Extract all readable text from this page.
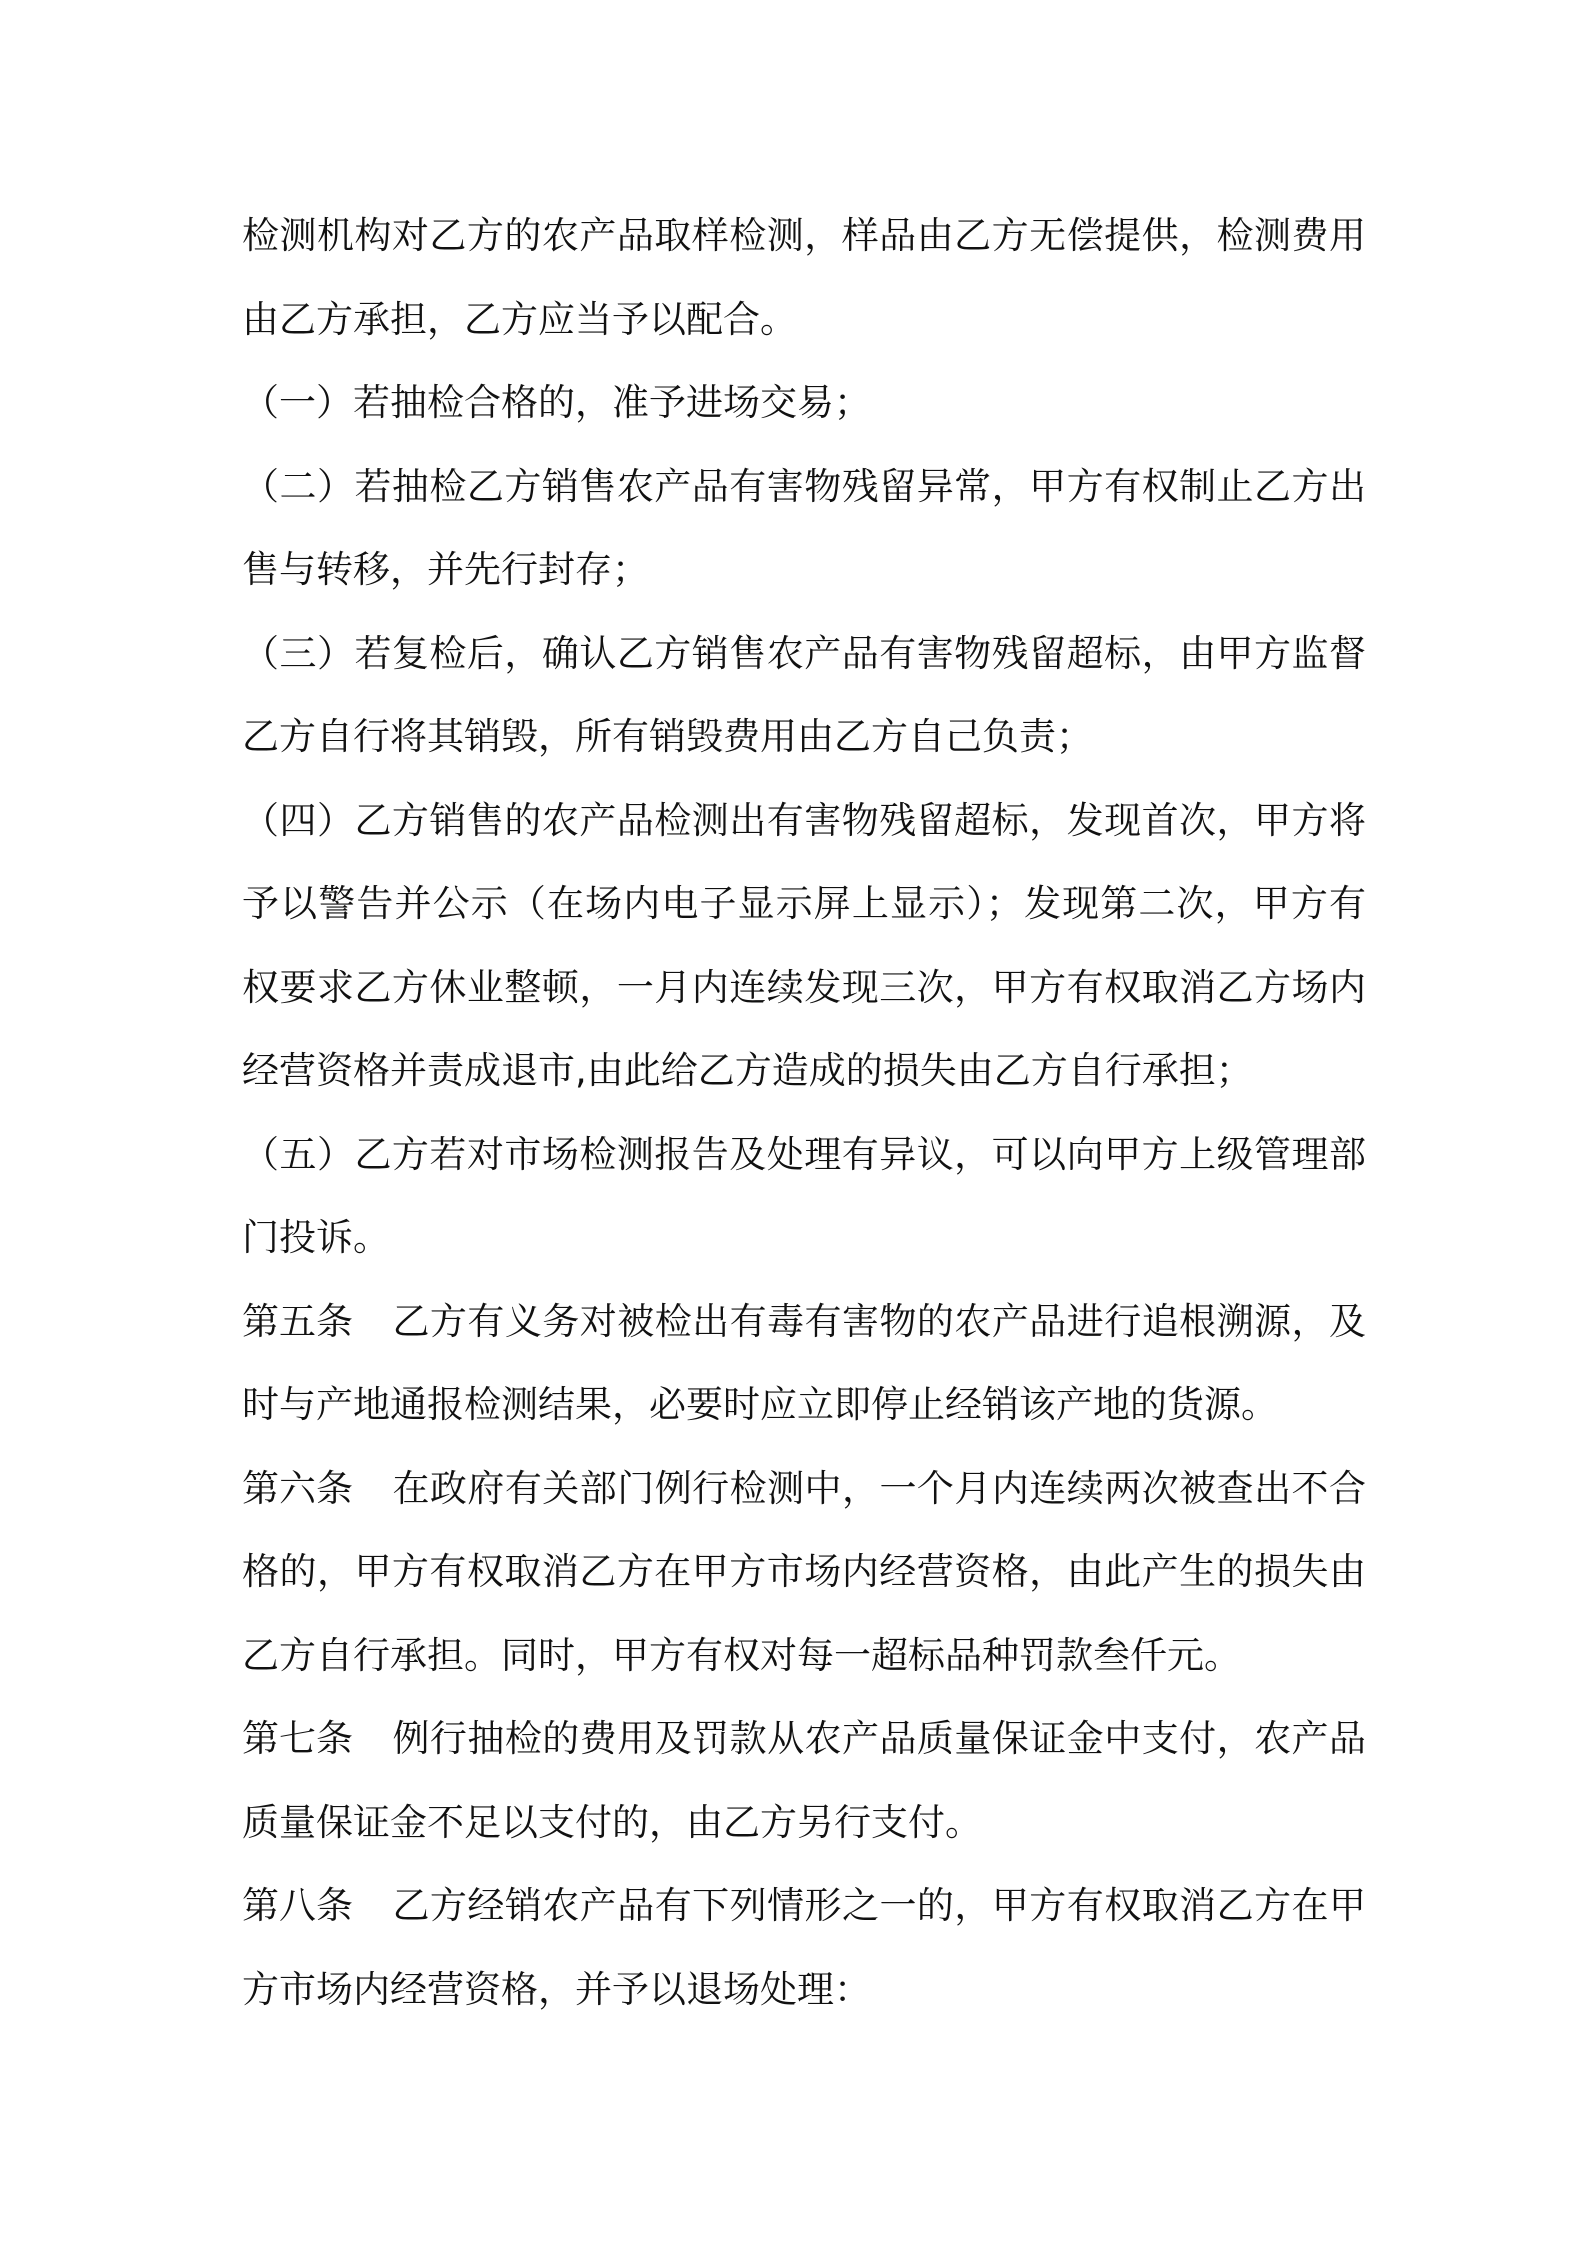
检测机构对乙方的农产品取样检测，样品由乙方无偿提供，检测费用由乙方承担，乙方应当予以配合。

（一）若抽检合格的，准予进场交易；

（二）若抽检乙方销售农产品有害物残留异常，甲方有权制止乙方出售与转移，并先行封存；

（三）若复检后，确认乙方销售农产品有害物残留超标，由甲方监督乙方自行将其销毁，所有销毁费用由乙方自己负责；

（四）乙方销售的农产品检测出有害物残留超标，发现首次，甲方将予以警告并公示（在场内电子显示屏上显示）；发现第二次，甲方有权要求乙方休业整顿，一月内连续发现三次，甲方有权取消乙方场内经营资格并责成退市,由此给乙方造成的损失由乙方自行承担；

（五）乙方若对市场检测报告及处理有异议，可以向甲方上级管理部门投诉。

第五条 乙方有义务对被检出有毒有害物的农产品进行追根溯源，及时与产地通报检测结果，必要时应立即停止经销该产地的货源。

第六条 在政府有关部门例行检测中，一个月内连续两次被查出不合格的，甲方有权取消乙方在甲方市场内经营资格，由此产生的损失由乙方自行承担。同时，甲方有权对每一超标品种罚款叁仟元。

第七条 例行抽检的费用及罚款从农产品质量保证金中支付，农产品质量保证金不足以支付的，由乙方另行支付。

第八条 乙方经销农产品有下列情形之一的，甲方有权取消乙方在甲方市场内经营资格，并予以退场处理：
